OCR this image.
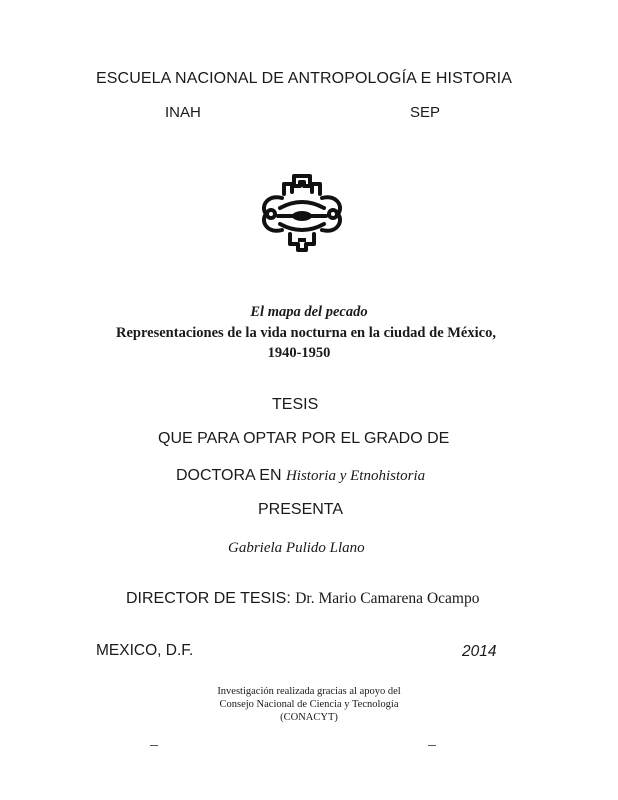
ESCUELA NACIONAL DE ANTROPOLOGÍA E HISTORIA
INAH	SEP
El mapa del pecado
Representaciones de la vida nocturna en la ciudad de México,
1940-1950
TESIS
QUE PARA OPTAR POR EL GRADO DE
DOCTORA EN Historia y Etnohistoria
PRESENTA
Gabriela Pulido Llano
DIRECTOR DE TESIS: Dr. Mario Camarena Ocampo
MEXICO, D.F.	2014
Investigación realizada gracias al apoyo del
Consejo Nacional de Ciencia y Tecnología
(CONACYT)
